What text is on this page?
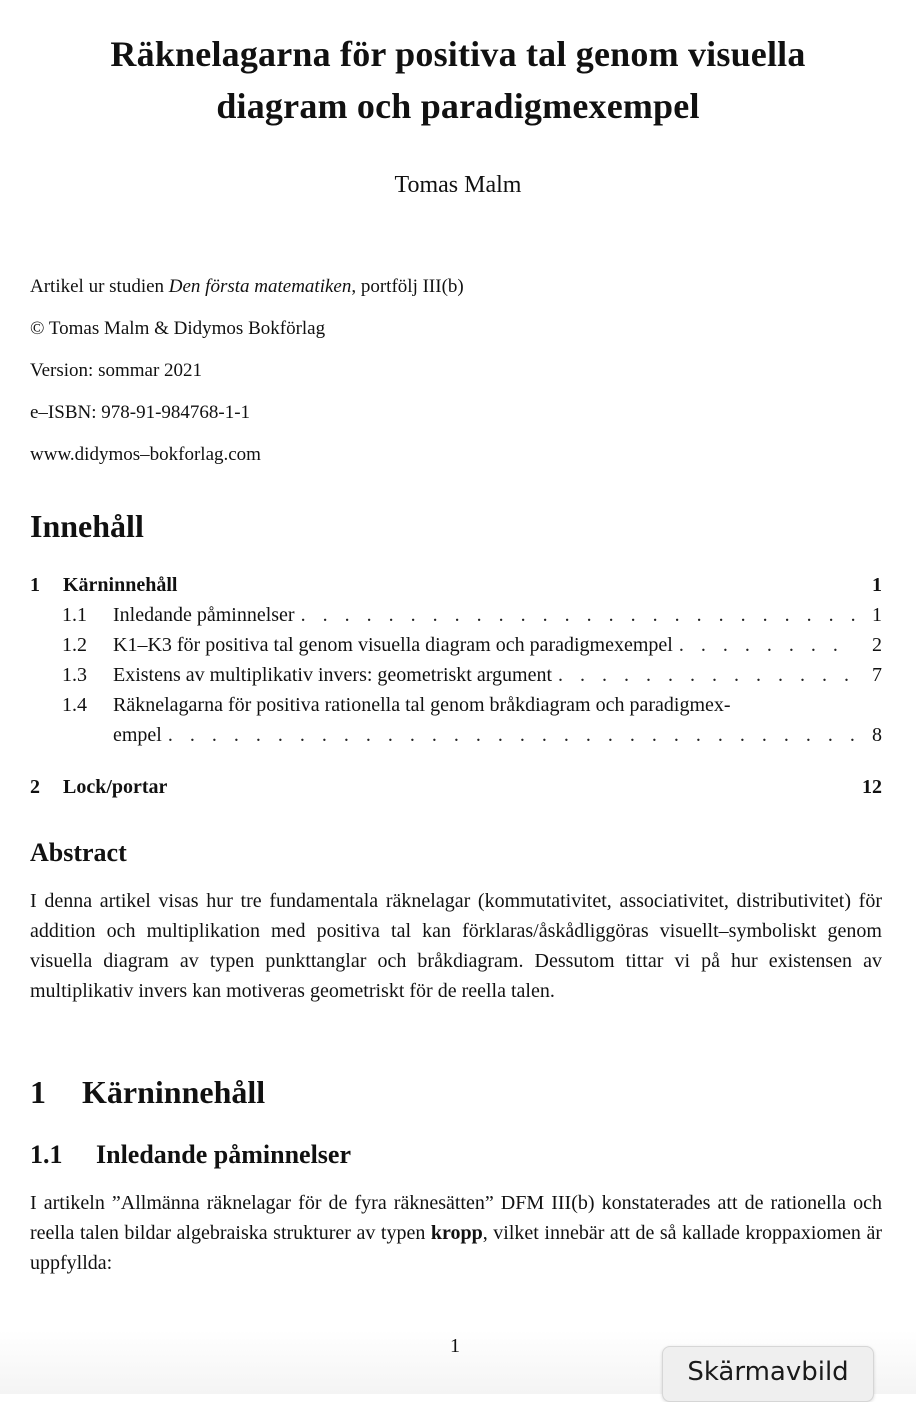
Räknelagarna för positiva tal genom visuella
diagram och paradigmexempel
Tomas Malm
Artikel ur studien Den första matematiken, portfölj III(b)
© Tomas Malm & Didymos Bokförlag
Version: sommar 2021
e–ISBN: 978-91-984768-1-1
www.didymos–bokforlag.com
Innehåll
1	Kärninnehåll	1
1.1	Inledande påminnelser . . .	1
1.2	K1–K3 för positiva tal genom visuella diagram och paradigmexempel . . .	2
1.3	Existens av multiplikativ invers: geometriskt argument . . .	7
1.4	Räknelagarna för positiva rationella tal genom bråkdiagram och paradigmex-
empel . . .	8
2	Lock/portar	12
Abstract
I denna artikel visas hur tre fundamentala räknelagar (kommutativitet, associativitet, distributivitet) för addition och multiplikation med positiva tal kan förklaras/åskådliggöras visuellt–symboliskt genom visuella diagram av typen punkttanglar och bråkdiagram. Dessutom tittar vi på hur existensen av multiplikativ invers kan motiveras geometriskt för de reella talen.
1 Kärninnehåll
1.1 Inledande påminnelser
I artikeln ”Allmänna räknelagar för de fyra räknesätten” DFM III(b) konstaterades att de rationella och reella talen bildar algebraiska strukturer av typen kropp, vilket innebär att de så kallade kroppaxiomen är uppfyllda:
1
Skärmavbild
